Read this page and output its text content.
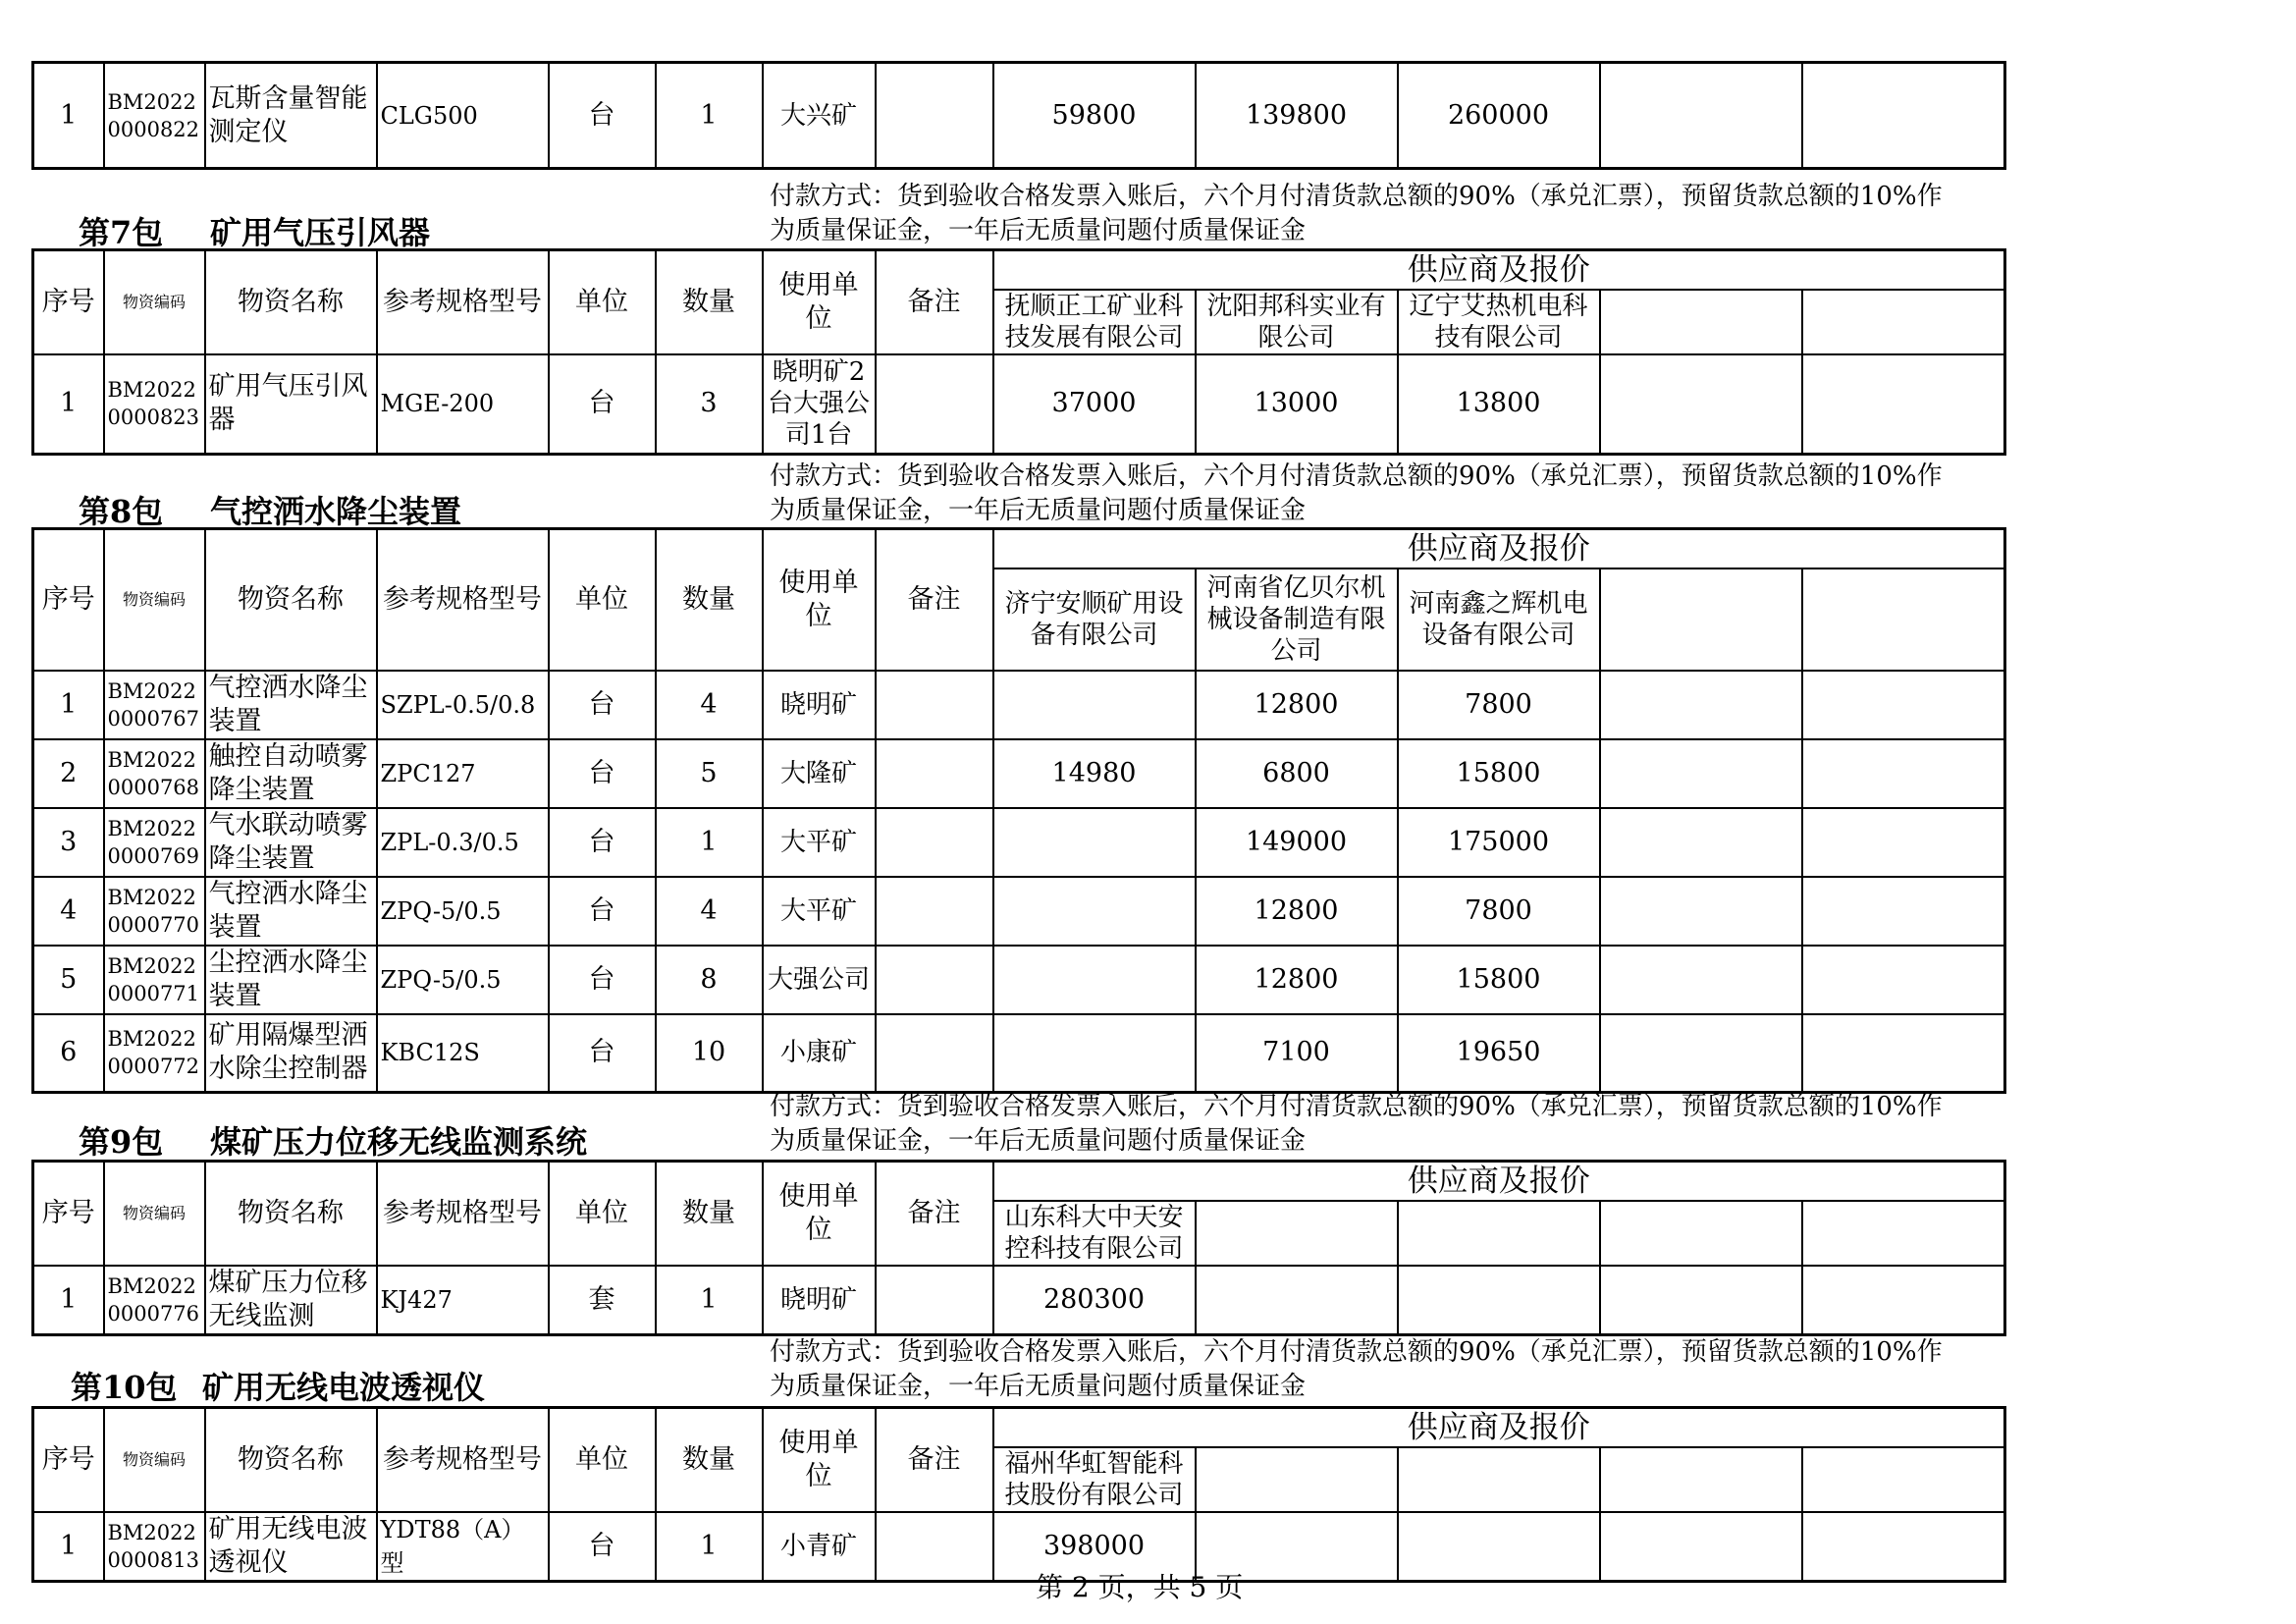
1	BM20220000822	瓦斯含量智能测定仪	CLG500	台	1	大兴矿		59800	139800	260000		
付款方式：货到验收合格发票入账后，六个月付清货款总额的90%（承兑汇票），预留货款总额的10%作
为质量保证金，一年后无质量问题付质量保证金
第7包 矿用气压引风器
序号	物资编码	物资名称	参考规格型号	单位	数量	使用单位	备注	供应商及报价				
								抚顺正工矿业科技发展有限公司	沈阳邦科实业有限公司	辽宁艾热机电科技有限公司		
1	BM20220000823	矿用气压引风器	MGE-200	台	3	晓明矿2台大强公司1台		37000	13000	13800		
付款方式：货到验收合格发票入账后，六个月付清货款总额的90%（承兑汇票），预留货款总额的10%作
为质量保证金，一年后无质量问题付质量保证金
第8包 气控洒水降尘装置
序号	物资编码	物资名称	参考规格型号	单位	数量	使用单位	备注	供应商及报价				
								济宁安顺矿用设备有限公司	河南省亿贝尔机械设备制造有限公司	河南鑫之辉机电设备有限公司		
1	BM20220000767	气控洒水降尘装置	SZPL-0.5/0.8	台	4	晓明矿			12800	7800		
2	BM20220000768	触控自动喷雾降尘装置	ZPC127	台	5	大隆矿		14980	6800	15800		
3	BM20220000769	气水联动喷雾降尘装置	ZPL-0.3/0.5	台	1	大平矿			149000	175000		
4	BM20220000770	气控洒水降尘装置	ZPQ-5/0.5	台	4	大平矿			12800	7800		
5	BM20220000771	尘控洒水降尘装置	ZPQ-5/0.5	台	8	大强公司			12800	15800		
6	BM20220000772	矿用隔爆型洒水除尘控制器	KBC12S	台	10	小康矿			7100	19650		
付款方式：货到验收合格发票入账后，六个月付清货款总额的90%（承兑汇票），预留货款总额的10%作
为质量保证金，一年后无质量问题付质量保证金
第9包 煤矿压力位移无线监测系统
序号	物资编码	物资名称	参考规格型号	单位	数量	使用单位	备注	供应商及报价				
								山东科大中天安控科技有限公司				
1	BM20220000776	煤矿压力位移无线监测	KJ427	套	1	晓明矿		280300				
付款方式：货到验收合格发票入账后，六个月付清货款总额的90%（承兑汇票），预留货款总额的10%作
为质量保证金，一年后无质量问题付质量保证金
第10包 矿用无线电波透视仪
序号	物资编码	物资名称	参考规格型号	单位	数量	使用单位	备注	供应商及报价				
								福州华虹智能科技股份有限公司				
1	BM20220000813	矿用无线电波透视仪	YDT88（A）型	台	1	小青矿		398000				
第 2 页，共 5 页
